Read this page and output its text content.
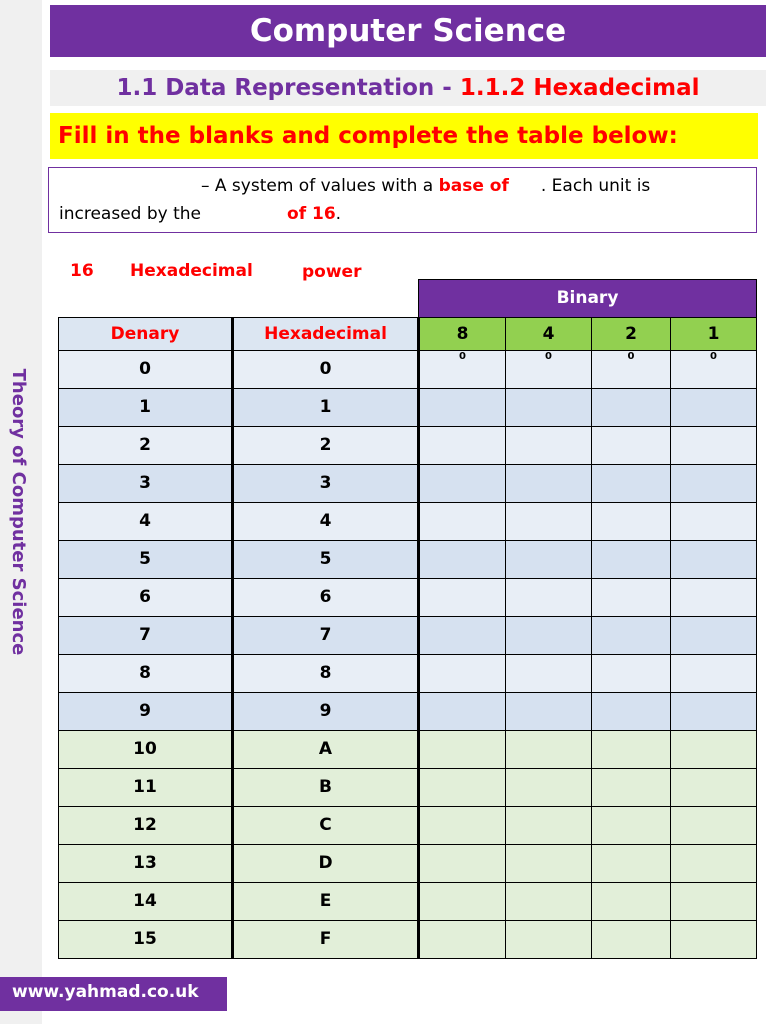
Theory of Computer Science
Computer Science
1.1 Data Representation - 1.1.2 Hexadecimal
Fill in the blanks and complete the table below:
– A system of values with a base of . Each unit is
increased by the	of 16.
16 Hexadecimal	power
		Binary			
Denary	Hexadecimal	8	4	2	1
0	0	0	0	0	0
1	1				
2	2				
3	3				
4	4				
5	5				
6	6				
7	7				
8	8				
9	9				
10	A				
11	B				
12	C				
13	D				
14	E				
15	F				
www.yahmad.co.uk
